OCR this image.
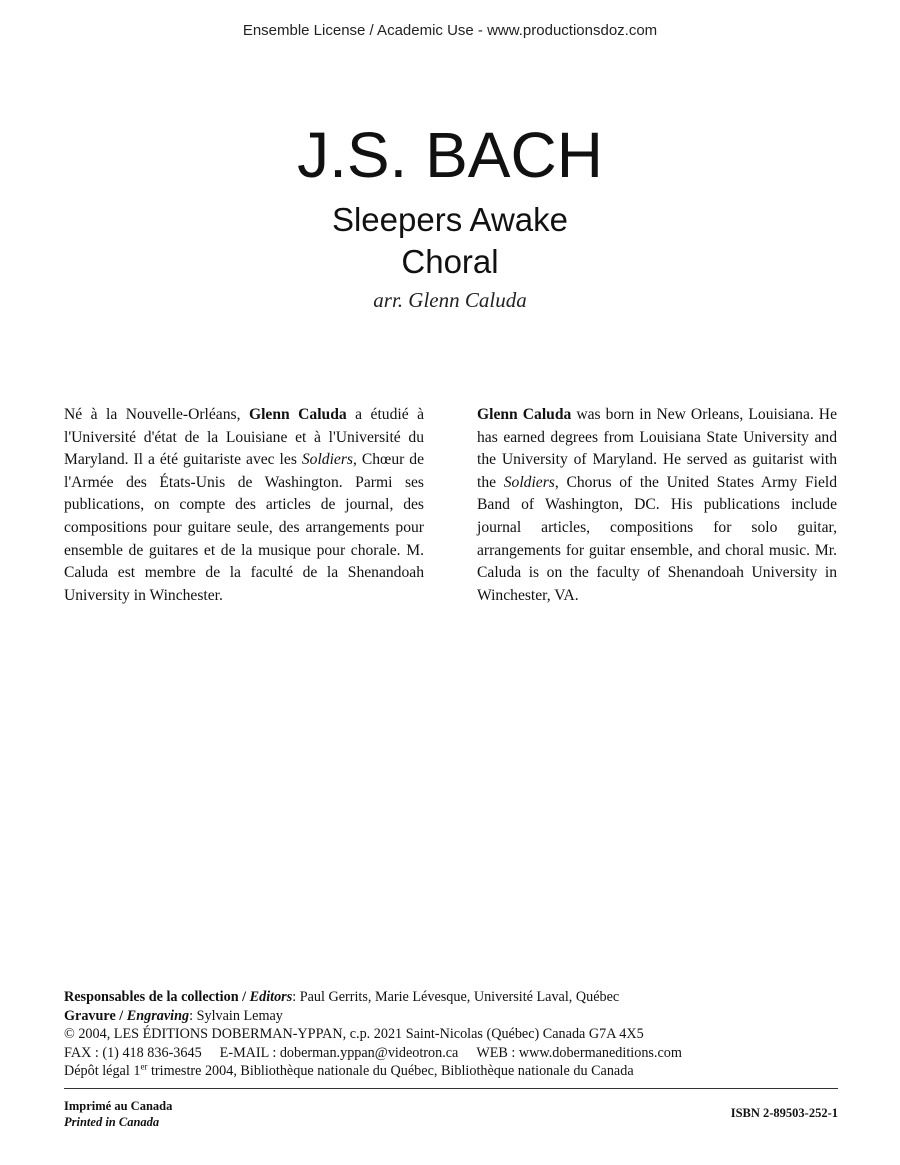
Ensemble License / Academic Use - www.productionsdoz.com
J.S. BACH
Sleepers Awake
Choral
arr. Glenn Caluda
Né à la Nouvelle-Orléans, Glenn Caluda a étudié à l'Université d'état de la Louisiane et à l'Université du Maryland. Il a été guitariste avec les Soldiers, Chœur de l'Armée des États-Unis de Washington. Parmi ses publications, on compte des articles de journal, des compositions pour guitare seule, des arrangements pour ensemble de guitares et de la musique pour chorale. M. Caluda est membre de la faculté de la Shenandoah University in Winchester.
Glenn Caluda was born in New Orleans, Louisiana. He has earned degrees from Louisiana State University and the University of Maryland. He served as guitarist with the Soldiers, Chorus of the United States Army Field Band of Washington, DC. His publications include journal articles, compositions for solo guitar, arrangements for guitar ensemble, and choral music. Mr. Caluda is on the faculty of Shenandoah University in Winchester, VA.
Responsables de la collection / Editors: Paul Gerrits, Marie Lévesque, Université Laval, Québec
Gravure / Engraving: Sylvain Lemay
© 2004, LES ÉDITIONS DOBERMAN-YPPAN, c.p. 2021 Saint-Nicolas (Québec) Canada G7A 4X5
FAX : (1) 418 836-3645 E-MAIL : doberman.yppan@videotron.ca WEB : www.dobermaneditions.com
Dépôt légal 1er trimestre 2004, Bibliothèque nationale du Québec, Bibliothèque nationale du Canada
Imprimé au Canada
Printed in Canada
ISBN 2-89503-252-1
